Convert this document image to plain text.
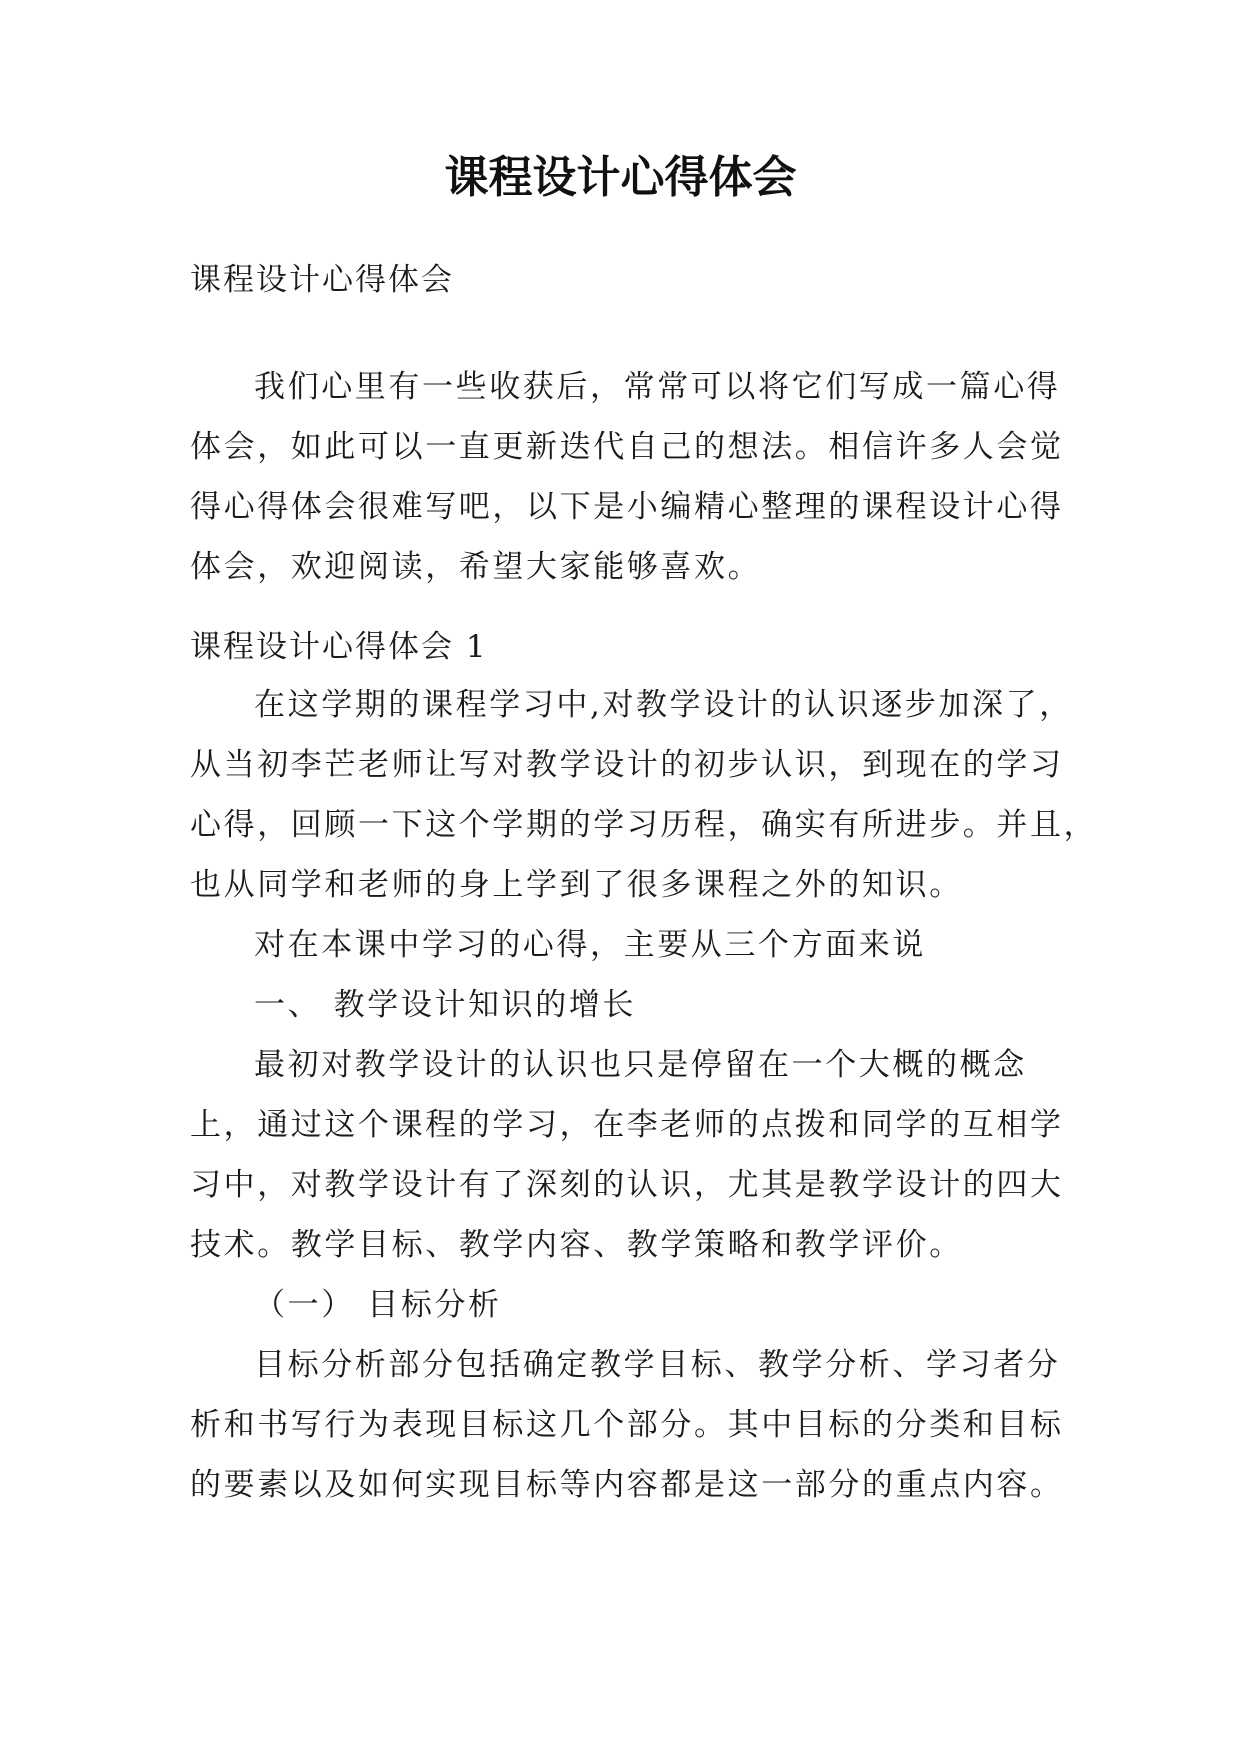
课程设计心得体会

课程设计心得体会

我们心里有一些收获后，常常可以将它们写成一篇心得

体会，如此可以一直更新迭代自己的想法。相信许多人会觉

得心得体会很难写吧，以下是小编精心整理的课程设计心得

体会，欢迎阅读，希望大家能够喜欢。

课程设计心得体会 1

在这学期的课程学习中,对教学设计的认识逐步加深了，

从当初李芒老师让写对教学设计的初步认识，到现在的学习

心得，回顾一下这个学期的学习历程，确实有所进步。并且，

也从同学和老师的身上学到了很多课程之外的知识。

对在本课中学习的心得，主要从三个方面来说

一、 教学设计知识的增长

最初对教学设计的认识也只是停留在一个大概的概念

上，通过这个课程的学习，在李老师的点拨和同学的互相学

习中，对教学设计有了深刻的认识，尤其是教学设计的四大

技术。教学目标、教学内容、教学策略和教学评价。

（一） 目标分析

目标分析部分包括确定教学目标、教学分析、学习者分

析和书写行为表现目标这几个部分。其中目标的分类和目标

的要素以及如何实现目标等内容都是这一部分的重点内容。
